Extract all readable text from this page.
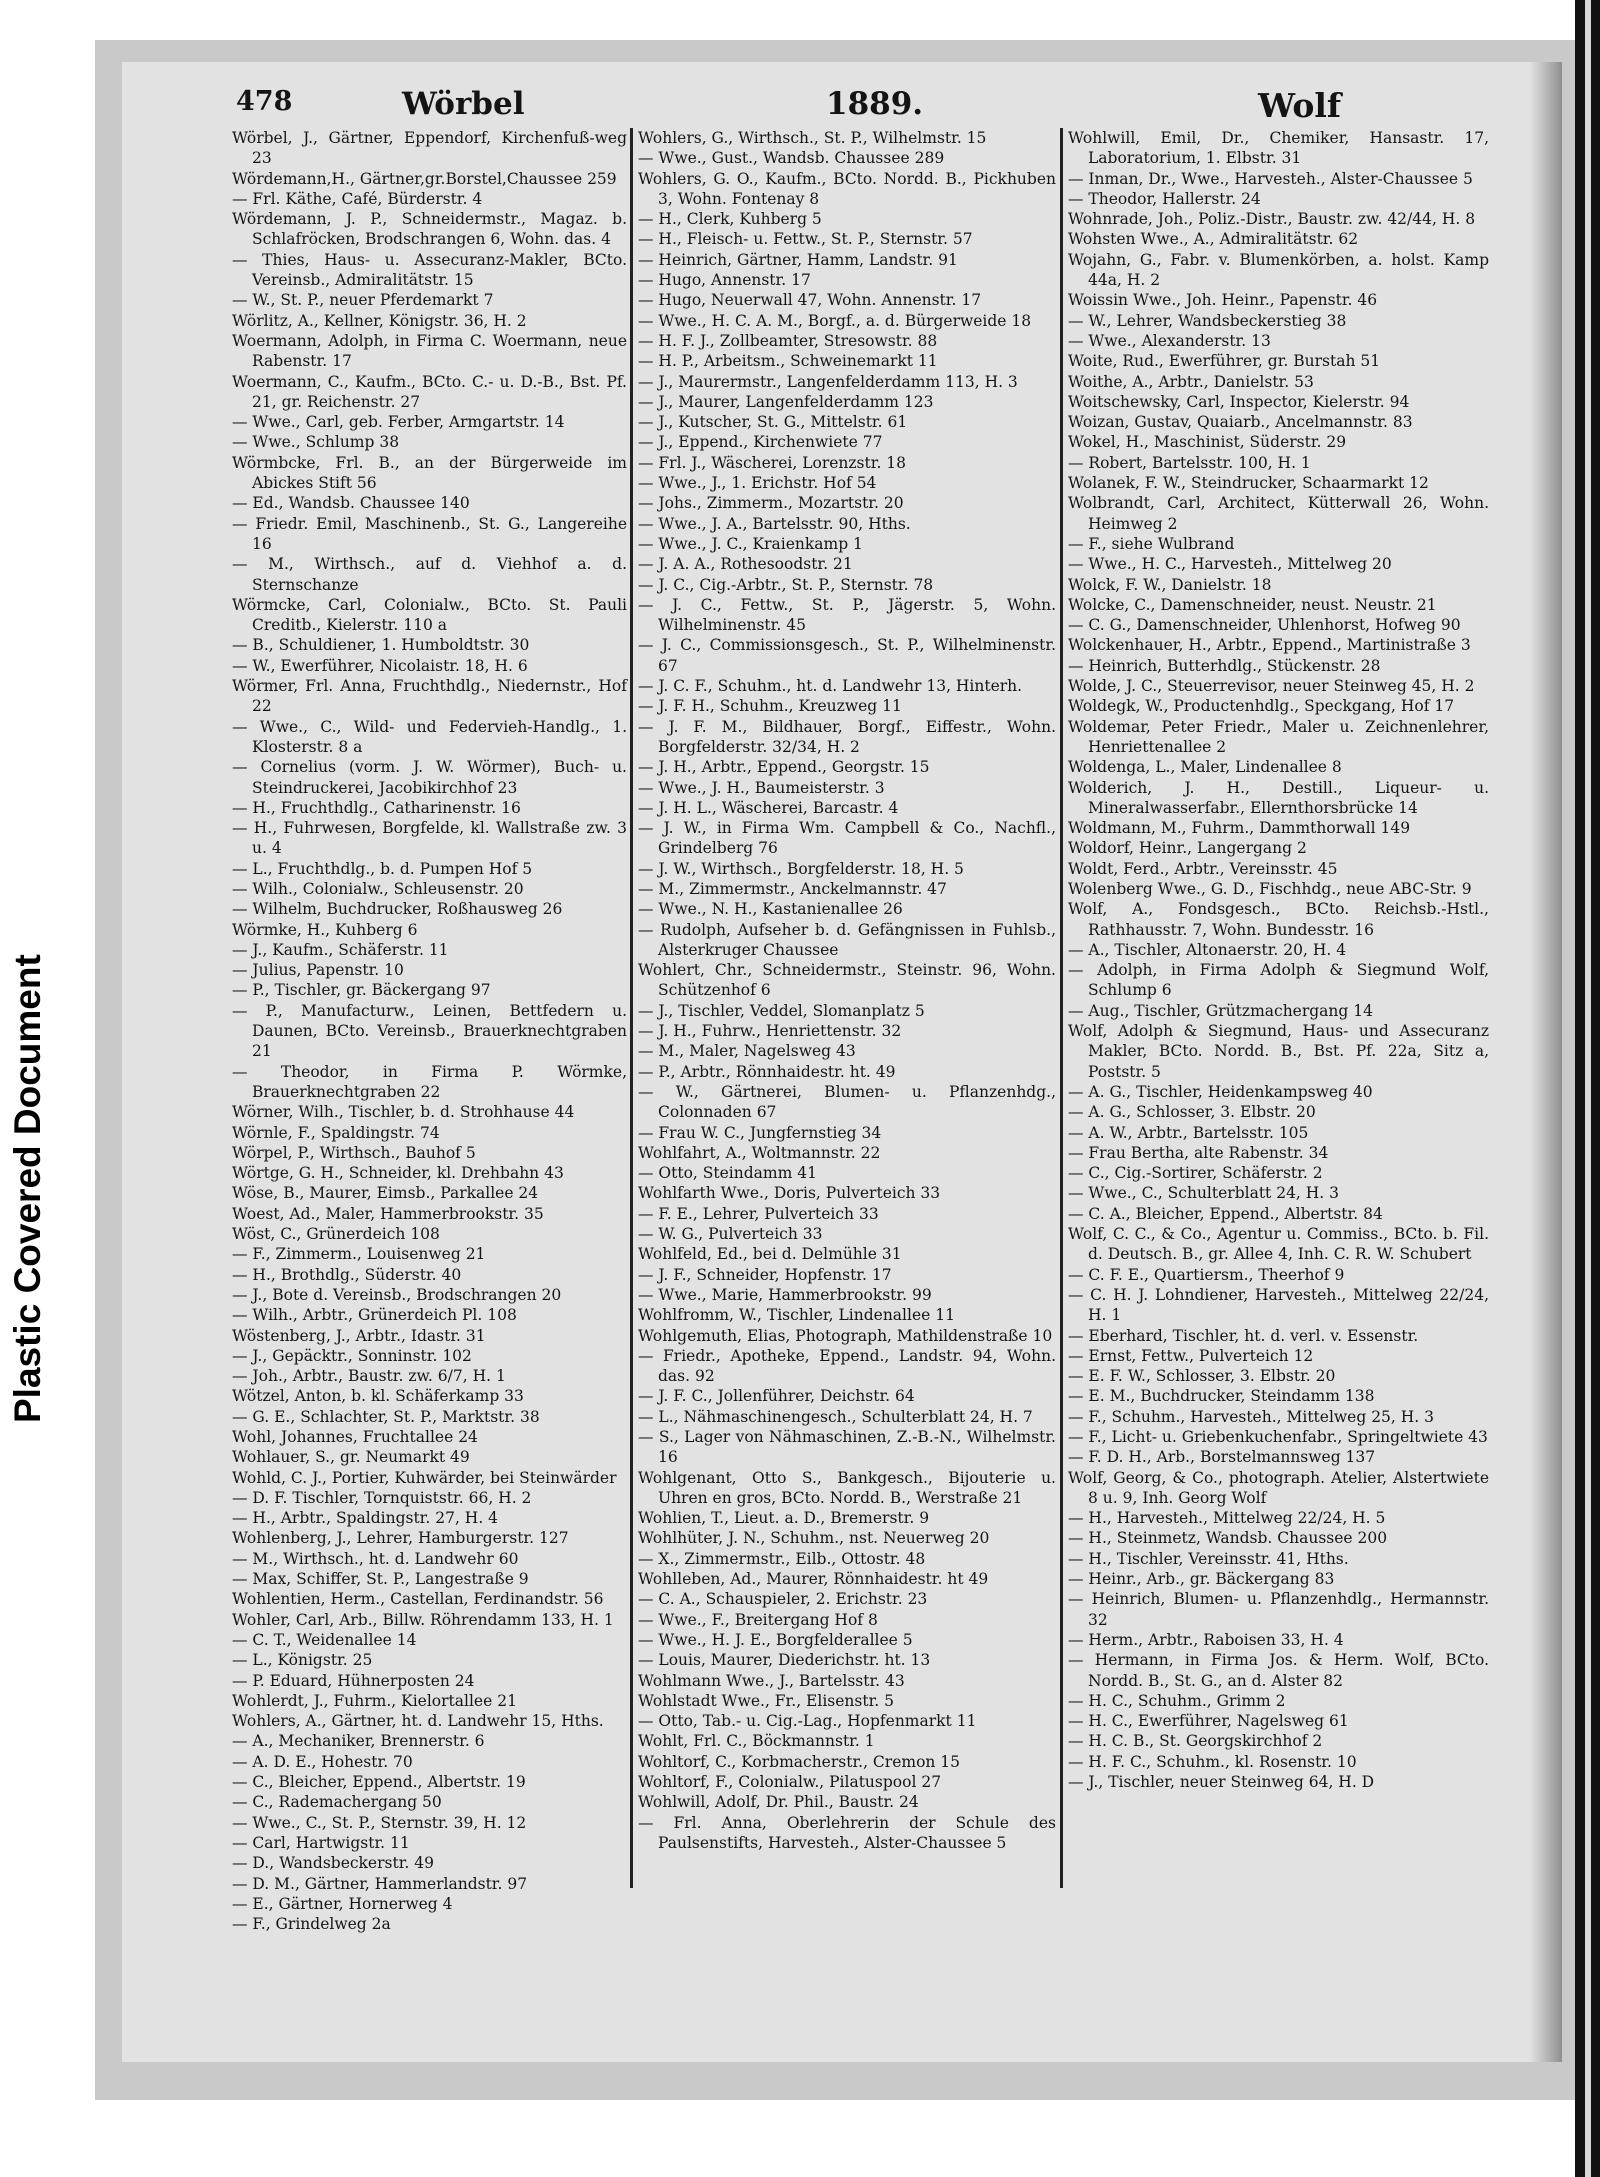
Plastic Covered Document
478	Wörbel	1889.	Wolf

Wörbel, J., Gärtner, Eppendorf, Kirchenfuß-weg 23

Wördemann,H., Gärtner,gr.Borstel,Chaussee 259

— Frl. Käthe, Café, Bürderstr. 4

Wördemann, J. P., Schneidermstr., Magaz. b. Schlafröcken, Brodschrangen 6, Wohn. das. 4

— Thies, Haus- u. Assecuranz-Makler, BCto. Vereinsb., Admiralitätstr. 15

— W., St. P., neuer Pferdemarkt 7

Wörlitz, A., Kellner, Königstr. 36, H. 2

Woermann, Adolph, in Firma C. Woermann, neue Rabenstr. 17

Woermann, C., Kaufm., BCto. C.- u. D.-B., Bst. Pf. 21, gr. Reichenstr. 27

— Wwe., Carl, geb. Ferber, Armgartstr. 14

— Wwe., Schlump 38

Wörmbcke, Frl. B., an der Bürgerweide im Abickes Stift 56

— Ed., Wandsb. Chaussee 140

— Friedr. Emil, Maschinenb., St. G., Langereihe 16

— M., Wirthsch., auf d. Viehhof a. d. Sternschanze

Wörmcke, Carl, Colonialw., BCto. St. Pauli Creditb., Kielerstr. 110 a

— B., Schuldiener, 1. Humboldtstr. 30

— W., Ewerführer, Nicolaistr. 18, H. 6

Wörmer, Frl. Anna, Fruchthdlg., Niedernstr., Hof 22

— Wwe., C., Wild- und Federvieh-Handlg., 1. Klosterstr. 8 a

— Cornelius (vorm. J. W. Wörmer), Buch- u. Steindruckerei, Jacobikirchhof 23

— H., Fruchthdlg., Catharinenstr. 16

— H., Fuhrwesen, Borgfelde, kl. Wallstraße zw. 3 u. 4

— L., Fruchthdlg., b. d. Pumpen Hof 5

— Wilh., Colonialw., Schleusenstr. 20

— Wilhelm, Buchdrucker, Roßhausweg 26

Wörmke, H., Kuhberg 6

— J., Kaufm., Schäferstr. 11

— Julius, Papenstr. 10

— P., Tischler, gr. Bäckergang 97

— P., Manufacturw., Leinen, Bettfedern u. Daunen, BCto. Vereinsb., Brauerknechtgraben 21

— Theodor, in Firma P. Wörmke, Brauerknechtgraben 22

Wörner, Wilh., Tischler, b. d. Strohhause 44

Wörnle, F., Spaldingstr. 74

Wörpel, P., Wirthsch., Bauhof 5

Wörtge, G. H., Schneider, kl. Drehbahn 43

Wöse, B., Maurer, Eimsb., Parkallee 24

Woest, Ad., Maler, Hammerbrookstr. 35

Wöst, C., Grünerdeich 108

— F., Zimmerm., Louisenweg 21

— H., Brothdlg., Süderstr. 40

— J., Bote d. Vereinsb., Brodschrangen 20

— Wilh., Arbtr., Grünerdeich Pl. 108

Wöstenberg, J., Arbtr., Idastr. 31

— J., Gepäcktr., Sonninstr. 102

— Joh., Arbtr., Baustr. zw. 6/7, H. 1

Wötzel, Anton, b. kl. Schäferkamp 33

— G. E., Schlachter, St. P., Marktstr. 38

Wohl, Johannes, Fruchtallee 24

Wohlauer, S., gr. Neumarkt 49

Wohld, C. J., Portier, Kuhwärder, bei Steinwärder

— D. F. Tischler, Tornquiststr. 66, H. 2

— H., Arbtr., Spaldingstr. 27, H. 4

Wohlenberg, J., Lehrer, Hamburgerstr. 127

— M., Wirthsch., ht. d. Landwehr 60

— Max, Schiffer, St. P., Langestraße 9

Wohlentien, Herm., Castellan, Ferdinandstr. 56

Wohler, Carl, Arb., Billw. Röhrendamm 133, H. 1

— C. T., Weidenallee 14

— L., Königstr. 25

— P. Eduard, Hühnerposten 24

Wohlerdt, J., Fuhrm., Kielortallee 21

Wohlers, A., Gärtner, ht. d. Landwehr 15, Hths.

— A., Mechaniker, Brennerstr. 6

— A. D. E., Hohestr. 70

— C., Bleicher, Eppend., Albertstr. 19

— C., Rademachergang 50

— Wwe., C., St. P., Sternstr. 39, H. 12

— Carl, Hartwigstr. 11

— D., Wandsbeckerstr. 49

— D. M., Gärtner, Hammerlandstr. 97

— E., Gärtner, Hornerweg 4

— F., Grindelweg 2a

Wohlers, G., Wirthsch., St. P., Wilhelmstr. 15

— Wwe., Gust., Wandsb. Chaussee 289

Wohlers, G. O., Kaufm., BCto. Nordd. B., Pickhuben 3, Wohn. Fontenay 8

— H., Clerk, Kuhberg 5

— H., Fleisch- u. Fettw., St. P., Sternstr. 57

— Heinrich, Gärtner, Hamm, Landstr. 91

— Hugo, Annenstr. 17

— Hugo, Neuerwall 47, Wohn. Annenstr. 17

— Wwe., H. C. A. M., Borgf., a. d. Bürgerweide 18

— H. F. J., Zollbeamter, Stresowstr. 88

— H. P., Arbeitsm., Schweinemarkt 11

— J., Maurermstr., Langenfelderdamm 113, H. 3

— J., Maurer, Langenfelderdamm 123

— J., Kutscher, St. G., Mittelstr. 61

— J., Eppend., Kirchenwiete 77

— Frl. J., Wäscherei, Lorenzstr. 18

— Wwe., J., 1. Erichstr. Hof 54

— Johs., Zimmerm., Mozartstr. 20

— Wwe., J. A., Bartelsstr. 90, Hths.

— Wwe., J. C., Kraienkamp 1

— J. A. A., Rothesoodstr. 21

— J. C., Cig.-Arbtr., St. P., Sternstr. 78

— J. C., Fettw., St. P., Jägerstr. 5, Wohn. Wilhelminenstr. 45

— J. C., Commissionsgesch., St. P., Wilhelminenstr. 67

— J. C. F., Schuhm., ht. d. Landwehr 13, Hinterh.

— J. F. H., Schuhm., Kreuzweg 11

— J. F. M., Bildhauer, Borgf., Eiffestr., Wohn. Borgfelderstr. 32/34, H. 2

— J. H., Arbtr., Eppend., Georgstr. 15

— Wwe., J. H., Baumeisterstr. 3

— J. H. L., Wäscherei, Barcastr. 4

— J. W., in Firma Wm. Campbell & Co., Nachfl., Grindelberg 76

— J. W., Wirthsch., Borgfelderstr. 18, H. 5

— M., Zimmermstr., Anckelmannstr. 47

— Wwe., N. H., Kastanienallee 26

— Rudolph, Aufseher b. d. Gefängnissen in Fuhlsb., Alsterkruger Chaussee

Wohlert, Chr., Schneidermstr., Steinstr. 96, Wohn. Schützenhof 6

— J., Tischler, Veddel, Slomanplatz 5

— J. H., Fuhrw., Henriettenstr. 32

— M., Maler, Nagelsweg 43

— P., Arbtr., Rönnhaidestr. ht. 49

— W., Gärtnerei, Blumen- u. Pflanzenhdg., Colonnaden 67

— Frau W. C., Jungfernstieg 34

Wohlfahrt, A., Woltmannstr. 22

— Otto, Steindamm 41

Wohlfarth Wwe., Doris, Pulverteich 33

— F. E., Lehrer, Pulverteich 33

— W. G., Pulverteich 33

Wohlfeld, Ed., bei d. Delmühle 31

— J. F., Schneider, Hopfenstr. 17

— Wwe., Marie, Hammerbrookstr. 99

Wohlfromm, W., Tischler, Lindenallee 11

Wohlgemuth, Elias, Photograph, Mathildenstraße 10

— Friedr., Apotheke, Eppend., Landstr. 94, Wohn. das. 92

— J. F. C., Jollenführer, Deichstr. 64

— L., Nähmaschinengesch., Schulterblatt 24, H. 7

— S., Lager von Nähmaschinen, Z.-B.-N., Wilhelmstr. 16

Wohlgenant, Otto S., Bankgesch., Bijouterie u. Uhren en gros, BCto. Nordd. B., Werstraße 21

Wohlien, T., Lieut. a. D., Bremerstr. 9

Wohlhüter, J. N., Schuhm., nst. Neuerweg 20

— X., Zimmermstr., Eilb., Ottostr. 48

Wohlleben, Ad., Maurer, Rönnhaidestr. ht 49

— C. A., Schauspieler, 2. Erichstr. 23

— Wwe., F., Breitergang Hof 8

— Wwe., H. J. E., Borgfelderallee 5

— Louis, Maurer, Diederichstr. ht. 13

Wohlmann Wwe., J., Bartelsstr. 43

Wohlstadt Wwe., Fr., Elisenstr. 5

— Otto, Tab.- u. Cig.-Lag., Hopfenmarkt 11

Wohlt, Frl. C., Böckmannstr. 1

Wohltorf, C., Korbmacherstr., Cremon 15

Wohltorf, F., Colonialw., Pilatuspool 27

Wohlwill, Adolf, Dr. Phil., Baustr. 24

— Frl. Anna, Oberlehrerin der Schule des Paulsenstifts, Harvesteh., Alster-Chaussee 5

Wohlwill, Emil, Dr., Chemiker, Hansastr. 17, Laboratorium, 1. Elbstr. 31

— Inman, Dr., Wwe., Harvesteh., Alster-Chaussee 5

— Theodor, Hallerstr. 24

Wohnrade, Joh., Poliz.-Distr., Baustr. zw. 42/44, H. 8

Wohsten Wwe., A., Admiralitätstr. 62

Wojahn, G., Fabr. v. Blumenkörben, a. holst. Kamp 44a, H. 2

Woissin Wwe., Joh. Heinr., Papenstr. 46

— W., Lehrer, Wandsbeckerstieg 38

— Wwe., Alexanderstr. 13

Woite, Rud., Ewerführer, gr. Burstah 51

Woithe, A., Arbtr., Danielstr. 53

Woitschewsky, Carl, Inspector, Kielerstr. 94

Woizan, Gustav, Quaiarb., Ancelmannstr. 83

Wokel, H., Maschinist, Süderstr. 29

— Robert, Bartelsstr. 100, H. 1

Wolanek, F. W., Steindrucker, Schaarmarkt 12

Wolbrandt, Carl, Architect, Kütterwall 26, Wohn. Heimweg 2

— F., siehe Wulbrand

— Wwe., H. C., Harvesteh., Mittelweg 20

Wolck, F. W., Danielstr. 18

Wolcke, C., Damenschneider, neust. Neustr. 21

— C. G., Damenschneider, Uhlenhorst, Hofweg 90

Wolckenhauer, H., Arbtr., Eppend., Martinistraße 3

— Heinrich, Butterhdlg., Stückenstr. 28

Wolde, J. C., Steuerrevisor, neuer Steinweg 45, H. 2

Woldegk, W., Productenhdlg., Speckgang, Hof 17

Woldemar, Peter Friedr., Maler u. Zeichnenlehrer, Henriettenallee 2

Woldenga, L., Maler, Lindenallee 8

Wolderich, J. H., Destill., Liqueur- u. Mineralwasserfabr., Ellernthorsbrücke 14

Woldmann, M., Fuhrm., Dammthorwall 149

Woldorf, Heinr., Langergang 2

Woldt, Ferd., Arbtr., Vereinsstr. 45

Wolenberg Wwe., G. D., Fischhdg., neue ABC-Str. 9

Wolf, A., Fondsgesch., BCto. Reichsb.-Hstl., Rathhausstr. 7, Wohn. Bundesstr. 16

— A., Tischler, Altonaerstr. 20, H. 4

— Adolph, in Firma Adolph & Siegmund Wolf, Schlump 6

— Aug., Tischler, Grützmachergang 14

Wolf, Adolph & Siegmund, Haus- und Assecuranz Makler, BCto. Nordd. B., Bst. Pf. 22a, Sitz a, Poststr. 5

— A. G., Tischler, Heidenkampsweg 40

— A. G., Schlosser, 3. Elbstr. 20

— A. W., Arbtr., Bartelsstr. 105

— Frau Bertha, alte Rabenstr. 34

— C., Cig.-Sortirer, Schäferstr. 2

— Wwe., C., Schulterblatt 24, H. 3

— C. A., Bleicher, Eppend., Albertstr. 84

Wolf, C. C., & Co., Agentur u. Commiss., BCto. b. Fil. d. Deutsch. B., gr. Allee 4, Inh. C. R. W. Schubert

— C. F. E., Quartiersm., Theerhof 9

— C. H. J. Lohndiener, Harvesteh., Mittelweg 22/24, H. 1

— Eberhard, Tischler, ht. d. verl. v. Essenstr.

— Ernst, Fettw., Pulverteich 12

— E. F. W., Schlosser, 3. Elbstr. 20

— E. M., Buchdrucker, Steindamm 138

— F., Schuhm., Harvesteh., Mittelweg 25, H. 3

— F., Licht- u. Griebenkuchenfabr., Springeltwiete 43

— F. D. H., Arb., Borstelmannsweg 137

Wolf, Georg, & Co., photograph. Atelier, Alstertwiete 8 u. 9, Inh. Georg Wolf

— H., Harvesteh., Mittelweg 22/24, H. 5

— H., Steinmetz, Wandsb. Chaussee 200

— H., Tischler, Vereinsstr. 41, Hths.

— Heinr., Arb., gr. Bäckergang 83

— Heinrich, Blumen- u. Pflanzenhdlg., Hermannstr. 32

— Herm., Arbtr., Raboisen 33, H. 4

— Hermann, in Firma Jos. & Herm. Wolf, BCto. Nordd. B., St. G., an d. Alster 82

— H. C., Schuhm., Grimm 2

— H. C., Ewerführer, Nagelsweg 61

— H. C. B., St. Georgskirchhof 2

— H. F. C., Schuhm., kl. Rosenstr. 10

— J., Tischler, neuer Steinweg 64, H. D
